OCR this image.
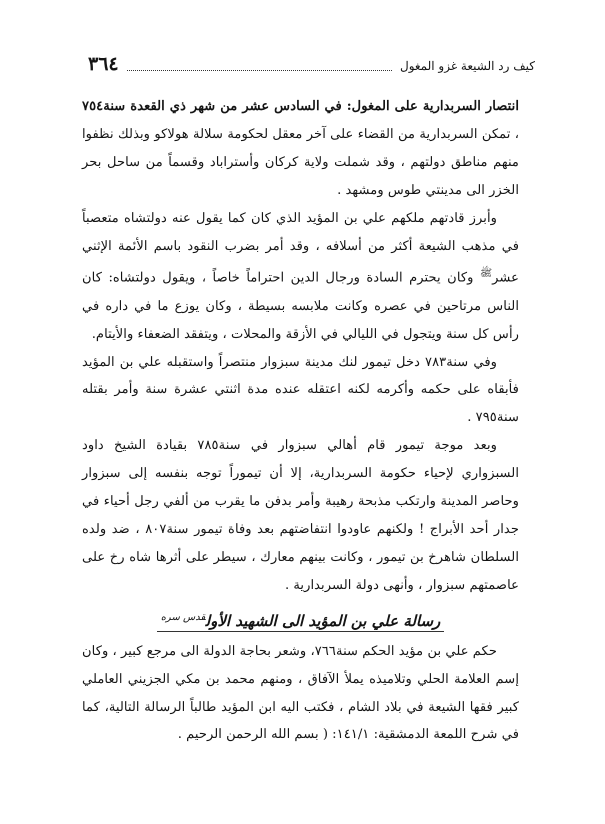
كيف رد الشيعة غزو المغول
٣٦٤

انتصار السربدارية على المغول: في السادس عشر من شهر ذي القعدة سنة٧٥٤ ، تمكن السربدارية من القضاء على آخر معقل لحكومة سلالة هولاكو وبذلك نظفوا منهم مناطق دولتهم ، وقد شملت ولاية كركان وأستراباد وقسماً من ساحل بحر الخزر الى مدينتي طوس ومشهد .

وأبرز قادتهم ملكهم علي بن المؤيد الذي كان كما يقول عنه دولتشاه متعصباً في مذهب الشيعة أكثر من أسلافه ، وقد أمر بضرب النقود باسم الأئمة الإثني عشر$^ﷺ$ وكان يحترم السادة ورجال الدين احتراماً خاصاً ، ويقول دولتشاه: كان الناس مرتاحين في عصره وكانت ملابسه بسيطة ، وكان يوزع ما في داره في رأس كل سنة ويتجول في الليالي في الأزقة والمحلات ، ويتفقد الضعفاء والأيتام.

وفي سنة٧٨٣ دخل تيمور لنك مدينة سبزوار منتصراً واستقبله علي بن المؤيد فأبقاه على حكمه وأكرمه لكنه اعتقله عنده مدة اثنتي عشرة سنة وأمر بقتله سنة٧٩٥ .

وبعد موجة تيمور قام أهالي سبزوار في سنة٧٨٥ بقيادة الشيخ داود السبزواري لإحياء حكومة السربدارية، إلا أن تيموراً توجه بنفسه إلى سبزوار وحاصر المدينة وارتكب مذبحة رهيبة وأمر بدفن ما يقرب من ألفي رجل أحياء في جدار أحد الأبراج ! ولكنهم عاودوا انتفاضتهم بعد وفاة تيمور سنة٨٠٧ ، ضد ولده السلطان شاهرخ بن تيمور ، وكانت بينهم معارك ، سيطر على أثرها شاه رخ على عاصمتهم سبزوار ، وأنهى دولة السربدارية .

رسالة علي بن المؤيد الى الشهيد الأول$^{قدس سره}$

حكم علي بن مؤيد الحكم سنة٧٦٦، وشعر بحاجة الدولة الى مرجع كبير ، وكان إسم العلامة الحلي وتلاميذه يملأ الآفاق ، ومنهم محمد بن مكي الجزيني العاملي كبير فقها الشيعة في بلاد الشام ، فكتب اليه ابن المؤيد طالباً الرسالة التالية، كما في شرح اللمعة الدمشقية: ١٤١/١: ( بسم الله الرحمن الرحيم .
